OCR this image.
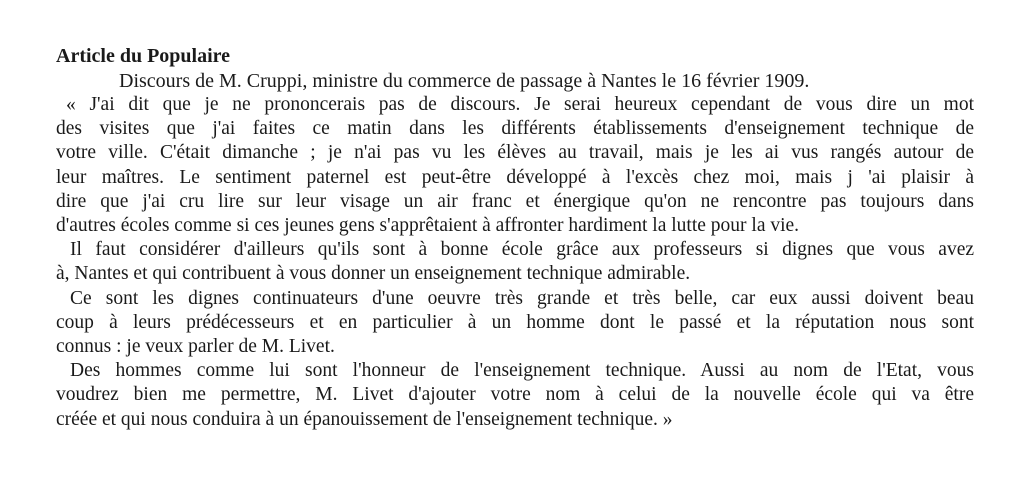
Article du Populaire

Discours de M. Cruppi, ministre du commerce de passage à Nantes le 16 février 1909.

« J'ai dit que je ne prononcerais pas de discours. Je serai heureux cependant de vous dire un mot
des visites que j'ai faites ce matin dans les différents établissements d'enseignement technique de
votre ville. C'était dimanche ; je n'ai pas vu les élèves au travail, mais je les ai vus rangés autour de
leur maîtres. Le sentiment paternel est peut-être développé à l'excès chez moi, mais j 'ai plaisir à
dire que j'ai cru lire sur leur visage un air franc et énergique qu'on ne rencontre pas toujours dans
d'autres écoles comme si ces jeunes gens s'apprêtaient à affronter hardiment la lutte pour la vie.
Il faut considérer d'ailleurs qu'ils sont à bonne école grâce aux professeurs si dignes que vous avez
à, Nantes et qui contribuent à vous donner un enseignement technique admirable.
Ce sont les dignes continuateurs d'une oeuvre très grande et très belle, car eux aussi doivent beau
coup à leurs prédécesseurs et en particulier à un homme dont le passé et la réputation nous sont
connus : je veux parler de M. Livet.
Des hommes comme lui sont l'honneur de l'enseignement technique. Aussi au nom de l'Etat, vous
voudrez bien me permettre, M. Livet d'ajouter votre nom à celui de la nouvelle école qui va être
créée et qui nous conduira à un épanouissement de l'enseignement technique. »
